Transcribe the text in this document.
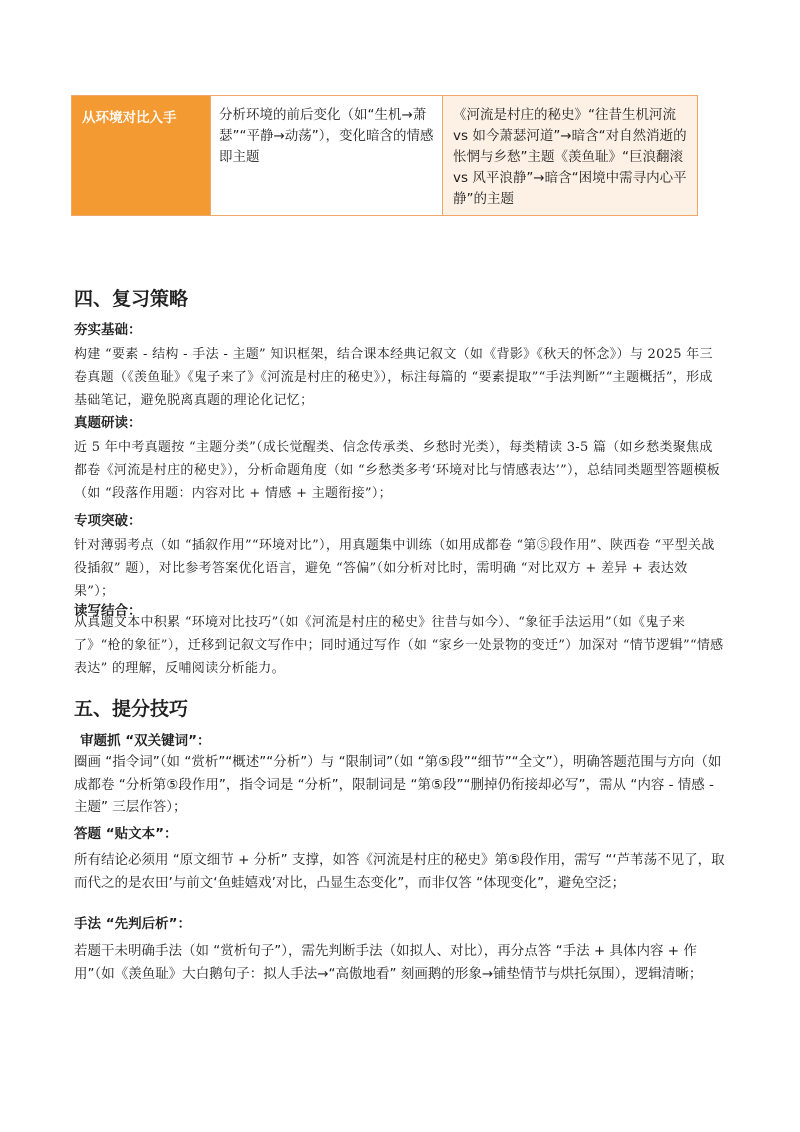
从环境对比入手	分析环境的前后变化（如“生机→萧瑟”“平静→动荡”），变化暗含的情感即主题
《河流是村庄的秘史》“往昔生机河流 vs 如今萧瑟河道”→暗含“对自然消逝的怅惘与乡愁”主题《羡鱼耻》“巨浪翻滚 vs 风平浪静”→暗含“困境中需寻内心平静”的主题
四、复习策略

夯实基础：

构建 “要素 - 结构 - 手法 - 主题” 知识框架，结合课本经典记叙文（如《背影》《秋天的怀念》）与 2025 年三卷真题（《羡鱼耻》《鬼子来了》《河流是村庄的秘史》），标注每篇的 “要素提取”“手法判断”“主题概括”，形成基础笔记，避免脱离真题的理论化记忆；

真题研读：

近 5 年中考真题按 “主题分类”（成长觉醒类、信念传承类、乡愁时光类），每类精读 3-5 篇（如乡愁类聚焦成都卷《河流是村庄的秘史》），分析命题角度（如 “乡愁类多考‘环境对比与情感表达’”），总结同类题型答题模板（如 “段落作用题：内容对比 + 情感 + 主题衔接”）；

专项突破：

针对薄弱考点（如 “插叙作用”“环境对比”），用真题集中训练（如用成都卷 “第⑤段作用”、陕西卷 “平型关战役插叙” 题），对比参考答案优化语言，避免 “答偏”（如分析对比时，需明确 “对比双方 + 差异 + 表达效果”）；

读写结合：

从真题文本中积累 “环境对比技巧”（如《河流是村庄的秘史》往昔与如今）、“象征手法运用”（如《鬼子来了》“枪的象征”），迁移到记叙文写作中；同时通过写作（如 “家乡一处景物的变迁”）加深对 “情节逻辑”“情感表达” 的理解，反哺阅读分析能力。

五、提分技巧

审题抓 “双关键词”：

圈画 “指令词”（如 “赏析”“概述”“分析”）与 “限制词”（如 “第⑤段”“细节”“全文”），明确答题范围与方向（如成都卷 “分析第⑤段作用”，指令词是 “分析”，限制词是 “第⑤段”“删掉仍衔接却必写”，需从 “内容 - 情感 - 主题” 三层作答）；

答题 “贴文本”：

所有结论必须用 “原文细节 + 分析” 支撑，如答《河流是村庄的秘史》第⑤段作用，需写 “‘芦苇荡不见了，取而代之的是农田’与前文‘鱼蛙嬉戏’对比，凸显生态变化”，而非仅答 “体现变化”，避免空泛；

手法 “先判后析”：

若题干未明确手法（如 “赏析句子”），需先判断手法（如拟人、对比），再分点答 “手法 + 具体内容 + 作用”（如《羡鱼耻》大白鹅句子：拟人手法→“高傲地看” 刻画鹅的形象→铺垫情节与烘托氛围），逻辑清晰；
